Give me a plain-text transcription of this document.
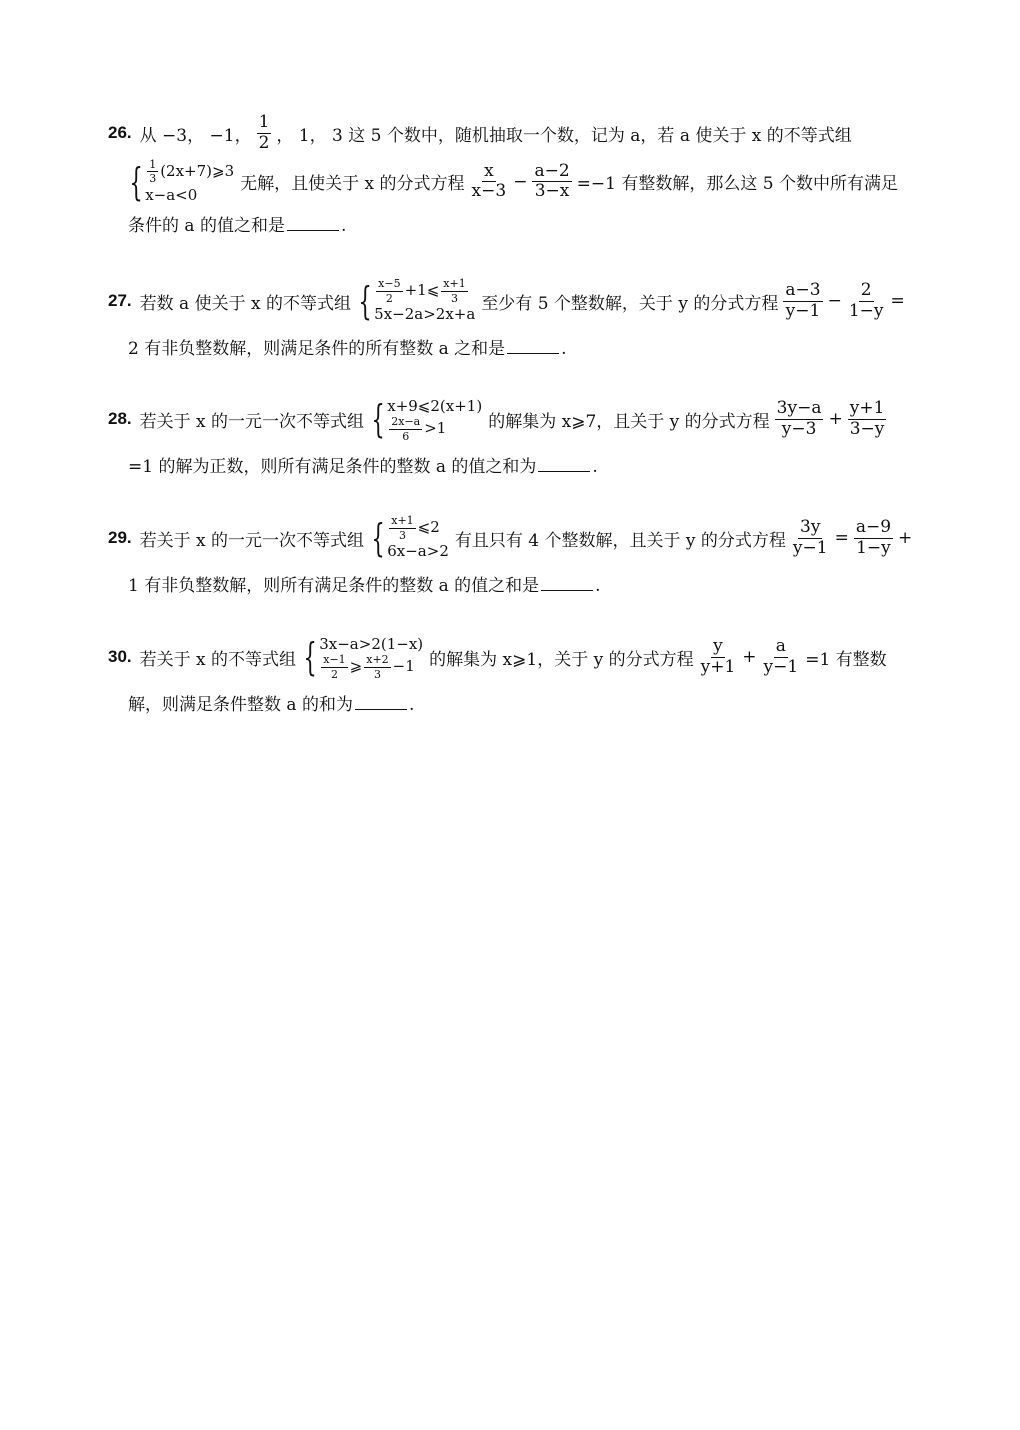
26. 从 −3， −1， $\frac{1}{2}$ ， 1， 3 这 5 个数中，随机抽取一个数，记为 a，若 a 使关于 x 的不等式组
{ $\frac{1}{3}$ (2x+7)⩾3
x−a<0
无解，且使关于 x 的分式方程 $\frac{x}{x-3} - \frac{a-2}{3-x} =-1$ 有整数解，那么这 5 个数中所有满足
条件的 a 的值之和是	.
27. 若数 a 使关于 x 的不等式组 { $\frac{x-5}{2}$ +1⩽ $\frac{x+1}{3}$
5x−2a>2x+a
至少有 5 个整数解，关于 y 的分式方程 $\frac{a-3}{y-1} - \frac{2}{1-y}$ =
2 有非负整数解，则满足条件的所有整数 a 之和是	.
28. 若关于 x 的一元一次不等式组 { x+9⩽2(x+1)
$\frac{2x-a}{6} >1$	的解集为 x⩾7，且关于 y 的分式方程 $\frac{3y-a}{y-3} + \frac{y+1}{3-y}$
=1 的解为正数，则所有满足条件的整数 a 的值之和为	.
29. 若关于 x 的一元一次不等式组 { $\frac{x+1}{3}$ ⩽2
6x−a>2
有且只有 4 个整数解，且关于 y 的分式方程 $\frac{3y}{y-1} = \frac{a-9}{1-y}$ +
1 有非负整数解，则所有满足条件的整数 a 的值之和是	.
30. 若关于 x 的不等式组 { 3x−a>2(1−x)
$\frac{x-1}{2}$ ⩾ $\frac{x+2}{3} -1$ 的解集为 x⩾1，关于 y 的分式方程 $\frac{y}{y+1} + \frac{a}{y-1} =1$ 有整数
解，则满足条件整数 a 的和为	.
